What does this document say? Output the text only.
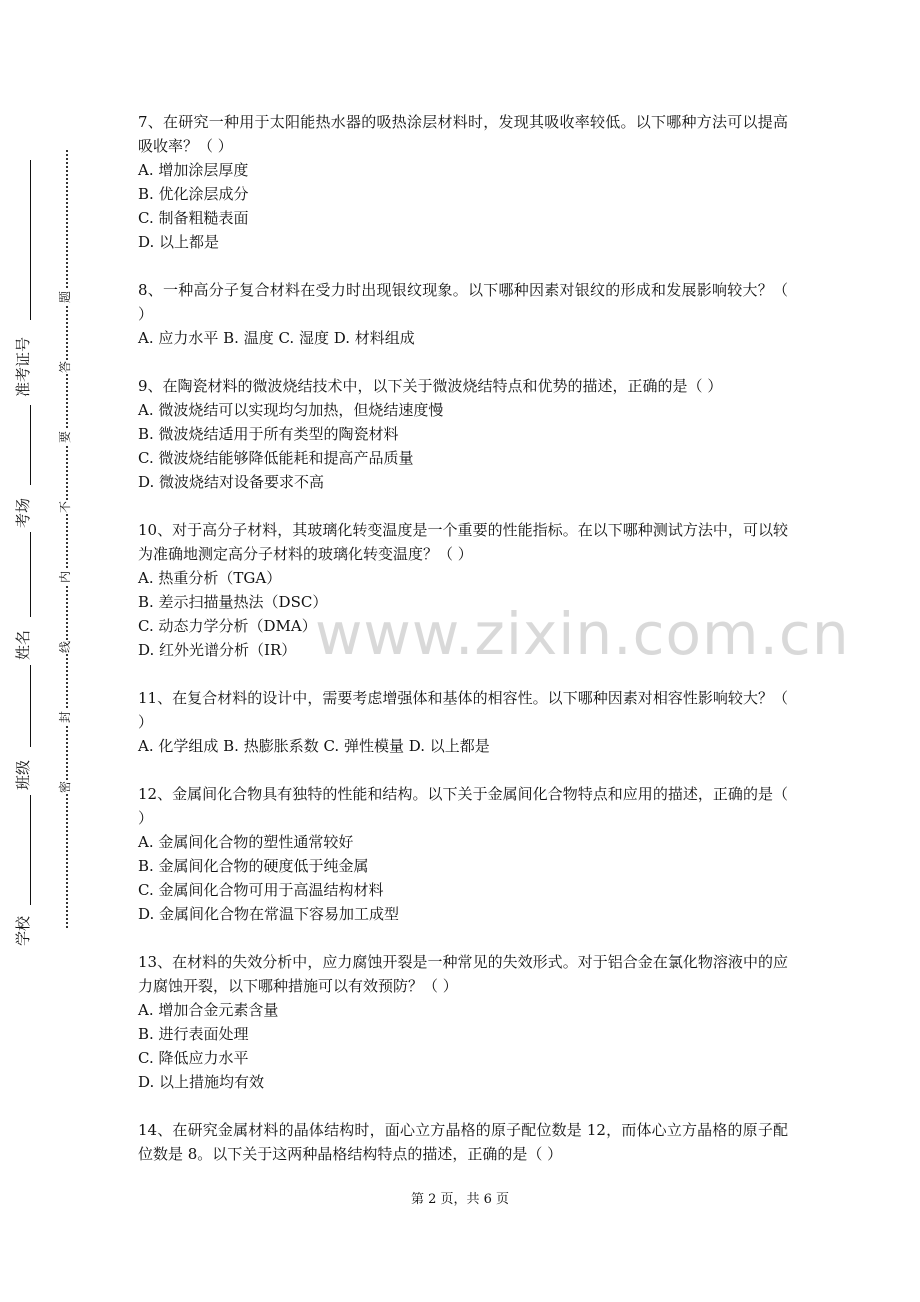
准考证号
考场
姓名
班级
学校
题
答
要
不
内
线
封
密
www.zixin.com.cn
7、在研究一种用于太阳能热水器的吸热涂层材料时，发现其吸收率较低。以下哪种方法可以提高吸收率？（ ）
A. 增加涂层厚度
B. 优化涂层成分
C. 制备粗糙表面
D. 以上都是
8、一种高分子复合材料在受力时出现银纹现象。以下哪种因素对银纹的形成和发展影响较大？（ ）
A. 应力水平 B. 温度 C. 湿度 D. 材料组成
9、在陶瓷材料的微波烧结技术中，以下关于微波烧结特点和优势的描述，正确的是（ ）
A. 微波烧结可以实现均匀加热，但烧结速度慢
B. 微波烧结适用于所有类型的陶瓷材料
C. 微波烧结能够降低能耗和提高产品质量
D. 微波烧结对设备要求不高
10、对于高分子材料，其玻璃化转变温度是一个重要的性能指标。在以下哪种测试方法中，可以较为准确地测定高分子材料的玻璃化转变温度？（ ）
A. 热重分析（TGA）
B. 差示扫描量热法（DSC）
C. 动态力学分析（DMA）
D. 红外光谱分析（IR）
11、在复合材料的设计中，需要考虑增强体和基体的相容性。以下哪种因素对相容性影响较大？（ ）
A. 化学组成 B. 热膨胀系数 C. 弹性模量 D. 以上都是
12、金属间化合物具有独特的性能和结构。以下关于金属间化合物特点和应用的描述，正确的是（ ）
A. 金属间化合物的塑性通常较好
B. 金属间化合物的硬度低于纯金属
C. 金属间化合物可用于高温结构材料
D. 金属间化合物在常温下容易加工成型
13、在材料的失效分析中，应力腐蚀开裂是一种常见的失效形式。对于铝合金在氯化物溶液中的应力腐蚀开裂，以下哪种措施可以有效预防？（ ）
A. 增加合金元素含量
B. 进行表面处理
C. 降低应力水平
D. 以上措施均有效
14、在研究金属材料的晶体结构时，面心立方晶格的原子配位数是 12，而体心立方晶格的原子配位数是 8。以下关于这两种晶格结构特点的描述，正确的是（ ）
第 2 页，共 6 页
